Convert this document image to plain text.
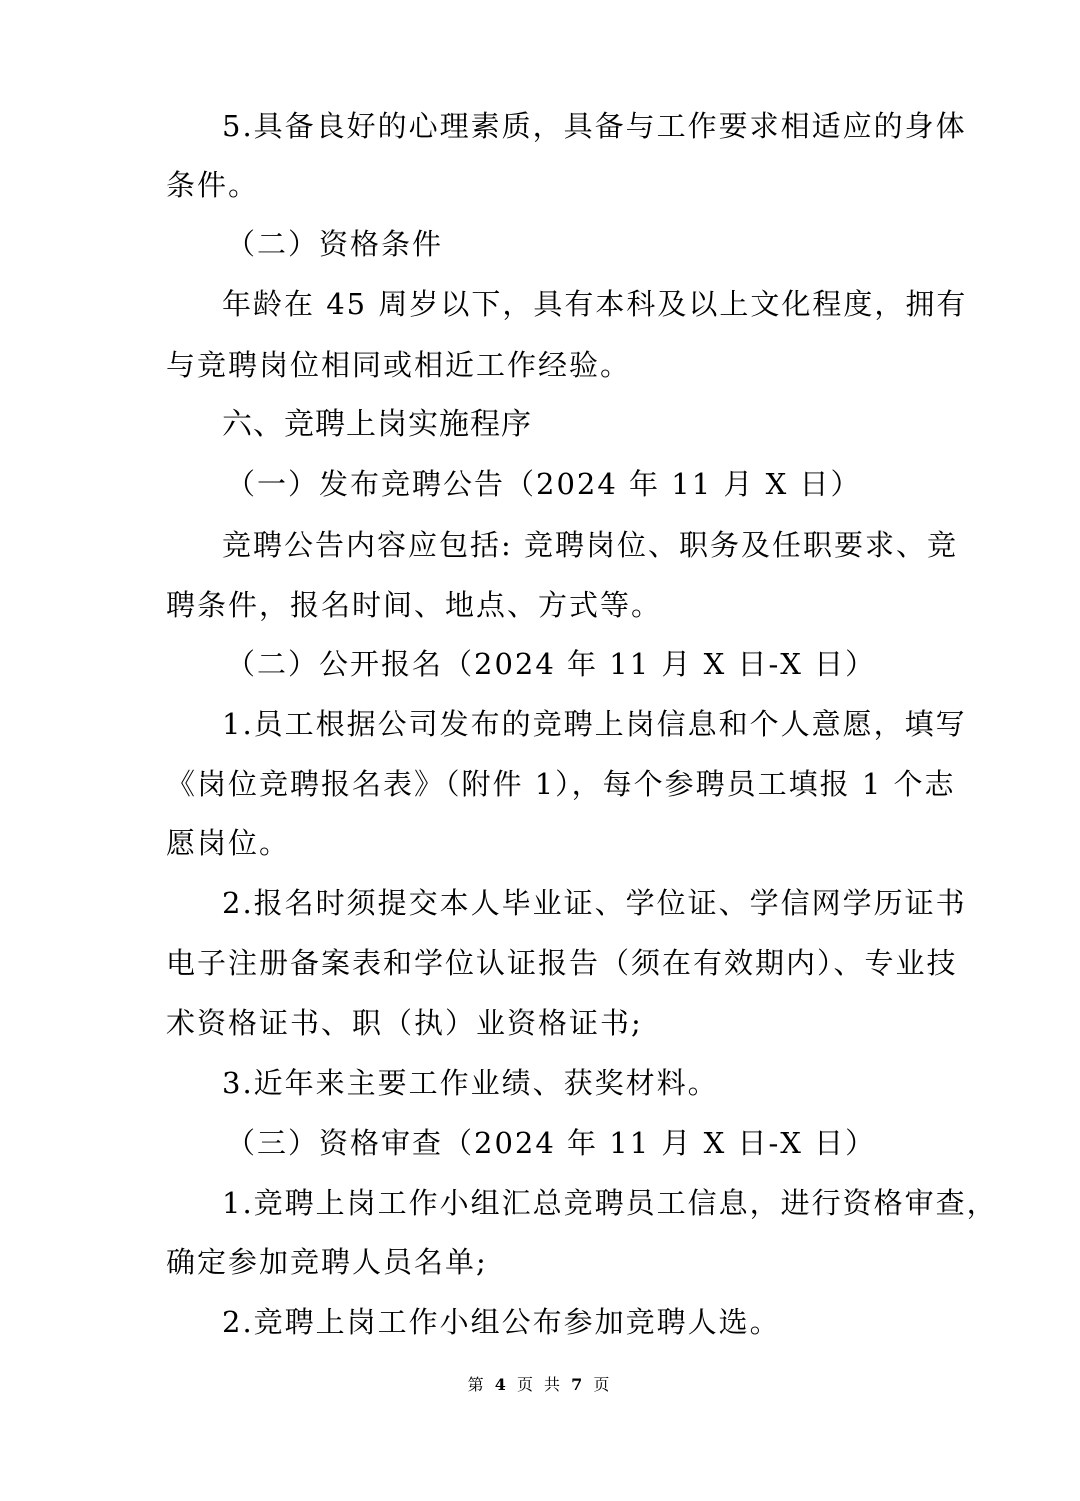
5.具备良好的心理素质，具备与工作要求相适应的身体
条件。
（二）资格条件
年龄在 45 周岁以下，具有本科及以上文化程度，拥有
与竞聘岗位相同或相近工作经验。
六、竞聘上岗实施程序
（一）发布竞聘公告（2024 年 11 月 X 日）
竞聘公告内容应包括: 竞聘岗位、职务及任职要求、竞
聘条件，报名时间、地点、方式等。
（二）公开报名（2024 年 11 月 X 日-X 日）
1.员工根据公司发布的竞聘上岗信息和个人意愿，填写
《岗位竞聘报名表》（附件 1），每个参聘员工填报 1 个志
愿岗位。
2.报名时须提交本人毕业证、学位证、学信网学历证书
电子注册备案表和学位认证报告（须在有效期内）、专业技
术资格证书、职（执）业资格证书;
3.近年来主要工作业绩、获奖材料。
（三）资格审查（2024 年 11 月 X 日-X 日）
1.竞聘上岗工作小组汇总竞聘员工信息，进行资格审查，
确定参加竞聘人员名单;
2.竞聘上岗工作小组公布参加竞聘人选。
第 4 页 共 7 页
